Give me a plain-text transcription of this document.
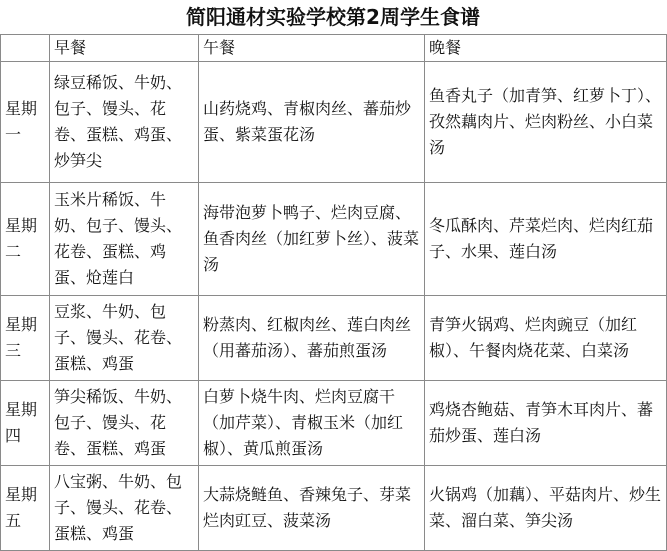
简阳通材实验学校第2周学生食谱
	早餐	午餐	晚餐
星期一	绿豆稀饭、牛奶、包子、馒头、花卷、蛋糕、鸡蛋、炒笋尖	山药烧鸡、青椒肉丝、蕃茄炒蛋、紫菜蛋花汤	鱼香丸子（加青笋、红萝卜丁）、孜然藕肉片、烂肉粉丝、小白菜汤
星期二	玉米片稀饭、牛奶、包子、馒头、花卷、蛋糕、鸡蛋、炝莲白	海带泡萝卜鸭子、烂肉豆腐、鱼香肉丝（加红萝卜丝）、菠菜汤	冬瓜酥肉、芹菜烂肉、烂肉红茄子、水果、莲白汤
星期三	豆浆、牛奶、包子、馒头、花卷、蛋糕、鸡蛋	粉蒸肉、红椒肉丝、莲白肉丝（用蕃茄汤）、蕃茄煎蛋汤	青笋火锅鸡、烂肉豌豆（加红椒）、午餐肉烧花菜、白菜汤
星期四	笋尖稀饭、牛奶、包子、馒头、花卷、蛋糕、鸡蛋	白萝卜烧牛肉、烂肉豆腐干（加芹菜）、青椒玉米（加红椒）、黄瓜煎蛋汤	鸡烧杏鲍菇、青笋木耳肉片、蕃茄炒蛋、莲白汤
星期五	八宝粥、牛奶、包子、馒头、花卷、蛋糕、鸡蛋	大蒜烧鲢鱼、香辣兔子、芽菜烂肉豇豆、菠菜汤	火锅鸡（加藕）、平菇肉片、炒生菜、溜白菜、笋尖汤
